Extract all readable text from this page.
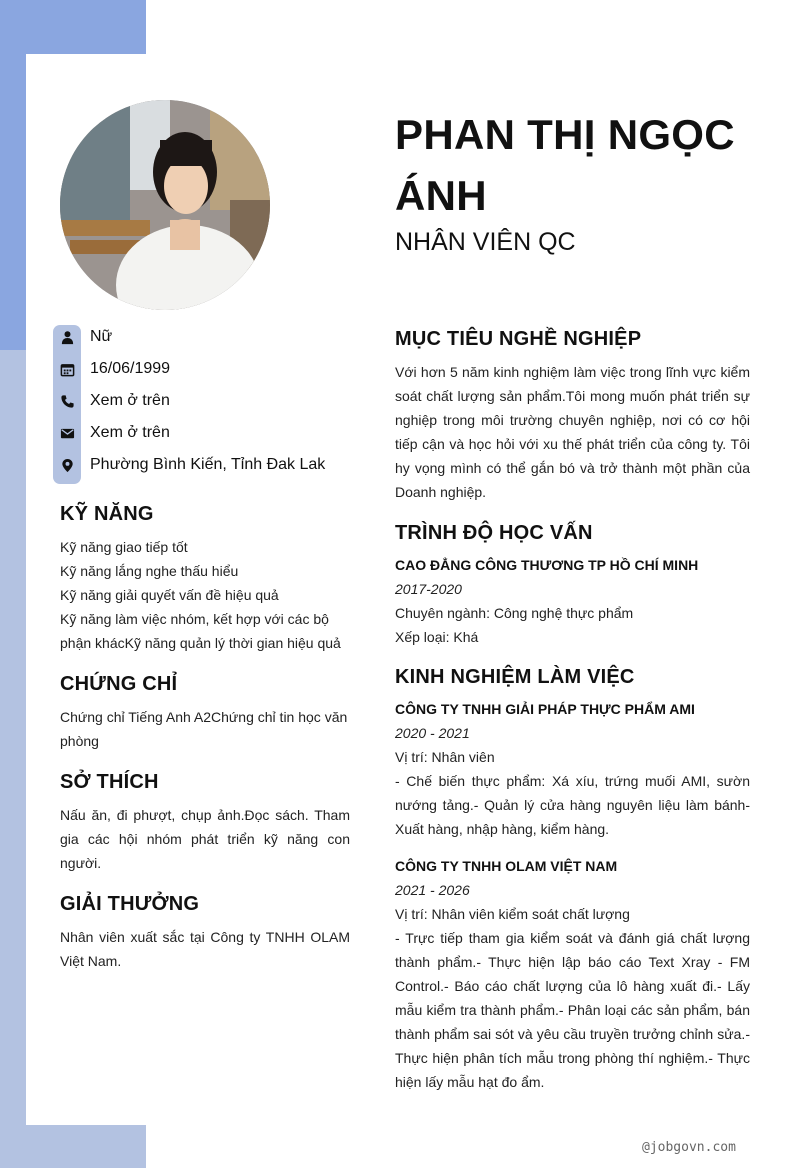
PHAN THỊ NGỌC ÁNH
NHÂN VIÊN QC
Nữ
16/06/1999
Xem ở trên
Xem ở trên
Phường Bình Kiến, Tỉnh Đak Lak
KỸ NĂNG
Kỹ năng giao tiếp tốt
Kỹ năng lắng nghe thấu hiểu
Kỹ năng giải quyết vấn đề hiệu quả
Kỹ năng làm việc nhóm, kết hợp với các bộ phận khácKỹ năng quản lý thời gian hiệu quả
CHỨNG CHỈ
Chứng chỉ Tiếng Anh A2Chứng chỉ tin học văn phòng
SỞ THÍCH
Nấu ăn, đi phượt, chụp ảnh.Đọc sách. Tham gia các hội nhóm phát triển kỹ năng con người.
GIẢI THƯỞNG
Nhân viên xuất sắc tại Công ty TNHH OLAM Việt Nam.
MỤC TIÊU NGHỀ NGHIỆP
Với hơn 5 năm kinh nghiệm làm việc trong lĩnh vực kiểm soát chất lượng sản phẩm.Tôi mong muốn phát triển sự nghiệp trong môi trường chuyên nghiệp, nơi có cơ hội tiếp cận và học hỏi với xu thế phát triển của công ty. Tôi hy vọng mình có thể gắn bó và trở thành một phần của Doanh nghiệp.
TRÌNH ĐỘ HỌC VẤN
CAO ĐẲNG CÔNG THƯƠNG TP HỒ CHÍ MINH
2017-2020
Chuyên ngành: Công nghệ thực phẩm
Xếp loại: Khá
KINH NGHIỆM LÀM VIỆC
CÔNG TY TNHH GIẢI PHÁP THỰC PHẨM AMI
2020 - 2021
Vị trí: Nhân viên
- Chế biến thực phẩm: Xá xíu, trứng muối AMI, sườn nướng tảng.- Quản lý cửa hàng nguyên liệu làm bánh- Xuất hàng, nhập hàng, kiểm hàng.
CÔNG TY TNHH OLAM VIỆT NAM
2021 - 2026
Vị trí: Nhân viên kiểm soát chất lượng
- Trực tiếp tham gia kiểm soát và đánh giá chất lượng thành phẩm.- Thực hiện lập báo cáo Text Xray - FM Control.- Báo cáo chất lượng của lô hàng xuất đi.- Lấy mẫu kiểm tra thành phẩm.- Phân loại các sản phẩm, bán thành phẩm sai sót và yêu cầu truyền trưởng chỉnh sửa.- Thực hiện phân tích mẫu trong phòng thí nghiệm.- Thực hiện lấy mẫu hạt đo ẩm.
@jobgovn.com
